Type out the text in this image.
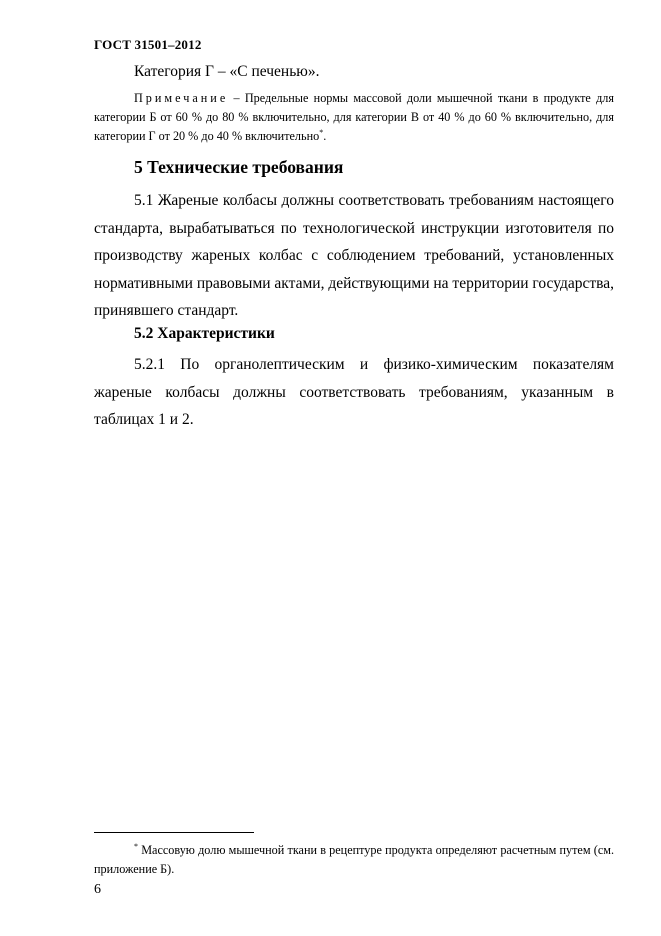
ГОСТ 31501–2012
Категория Г – «С печенью».
Примечание – Предельные нормы массовой доли мышечной ткани в продукте для категории Б от 60 % до 80 % включительно, для категории В от 40 % до 60 % включительно, для категории Г от 20 % до 40 % включительно*.
5 Технические требования
5.1 Жареные колбасы должны соответствовать требованиям настоящего стандарта, вырабатываться по технологической инструкции изготовителя по производству жареных колбас с соблюдением требований, установленных нормативными правовыми актами, действующими на территории государства, принявшего стандарт.
5.2 Характеристики
5.2.1 По органолептическим и физико-химическим показателям жареные колбасы должны соответствовать требованиям, указанным в таблицах 1 и 2.
* Массовую долю мышечной ткани в рецептуре продукта определяют расчетным путем (см. приложение Б).
6
